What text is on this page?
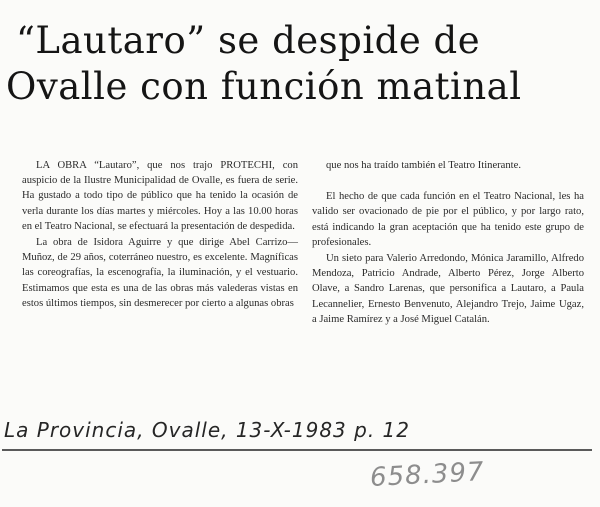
“Lautaro” se despide de
Ovalle con función matinal

LA OBRA “Lautaro”, que nos trajo PROTECHI, con auspicio de la Ilustre Municipalidad de Ovalle, es fuera de serie. Ha gustado a todo tipo de público que ha tenido la ocasión de verla durante los días martes y miércoles. Hoy a las 10.00 horas en el Teatro Nacional, se efectuará la presentación de despedida.

La obra de Isidora Aguirre y que dirige Abel Carrizo—Muñoz, de 29 años, coterráneo nuestro, es excelente. Magníficas las coreografías, la escenografía, la iluminación, y el vestuario. Estimamos que esta es una de las obras más valederas vistas en estos últimos tiempos, sin desmerecer por cierto a algunas obras

que nos ha traído también el Teatro Itinerante.

El hecho de que cada función en el Teatro Nacional, les ha valido ser ovacionado de pie por el público, y por largo rato, está indicando la gran aceptación que ha tenido este grupo de profesionales.

Un sieto para Valerio Arredondo, Mónica Jaramillo, Alfredo Mendoza, Patricio Andrade, Alberto Pérez, Jorge Alberto Olave, a Sandro Larenas, que personifica a Lautaro, a Paula Lecannelier, Ernesto Benvenuto, Alejandro Trejo, Jaime Ugaz, a Jaime Ramírez y a José Miguel Catalán.

La Provincia, Ovalle, 13-X-1983 p. 12
658.397
